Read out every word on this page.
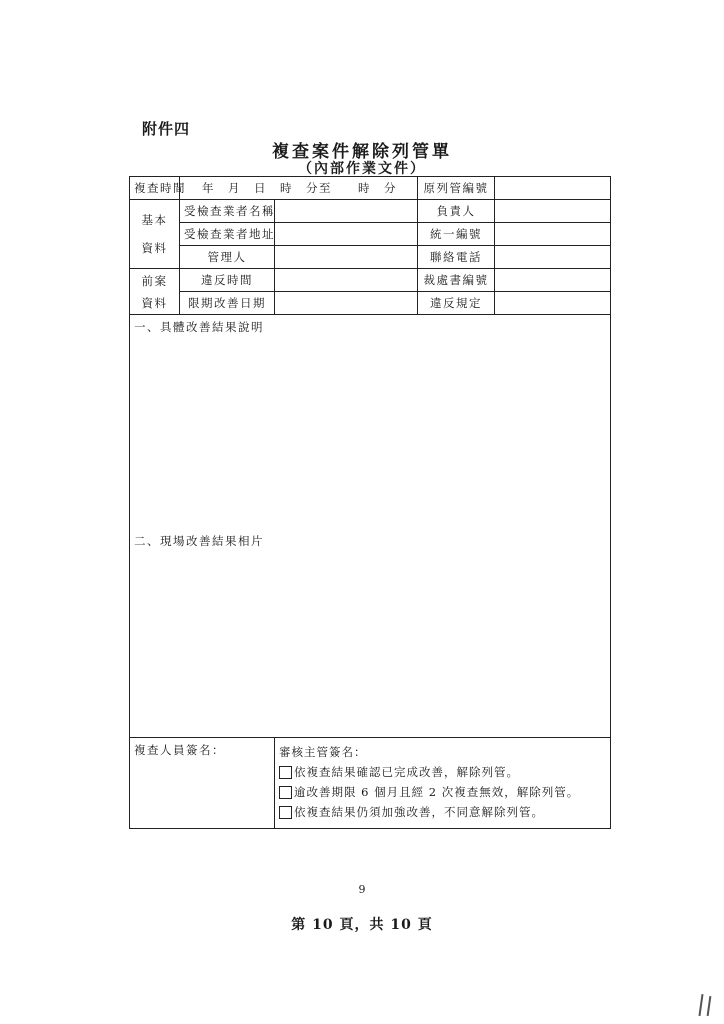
附件四
複查案件解除列管單
（內部作業文件）
複查時間	年　月　日　時　分至　　時　分		原列管編號	

基本
資料	受檢查業者名稱		負責人	
	受檢查業者地址		統一編號	
	管理人		聯絡電話	

前案
資料	違反時間		裁處書編號	
	限期改善日期		違反規定	

一、具體改善結果說明
二、現場改善結果相片				

複查人員簽名：		審核主管簽名：
依複查結果確認已完成改善，解除列管。
逾改善期限 6 個月且經 2 次複查無效，解除列管。
依複查結果仍須加強改善，不同意解除列管。		
9
第 10 頁，共 10 頁
